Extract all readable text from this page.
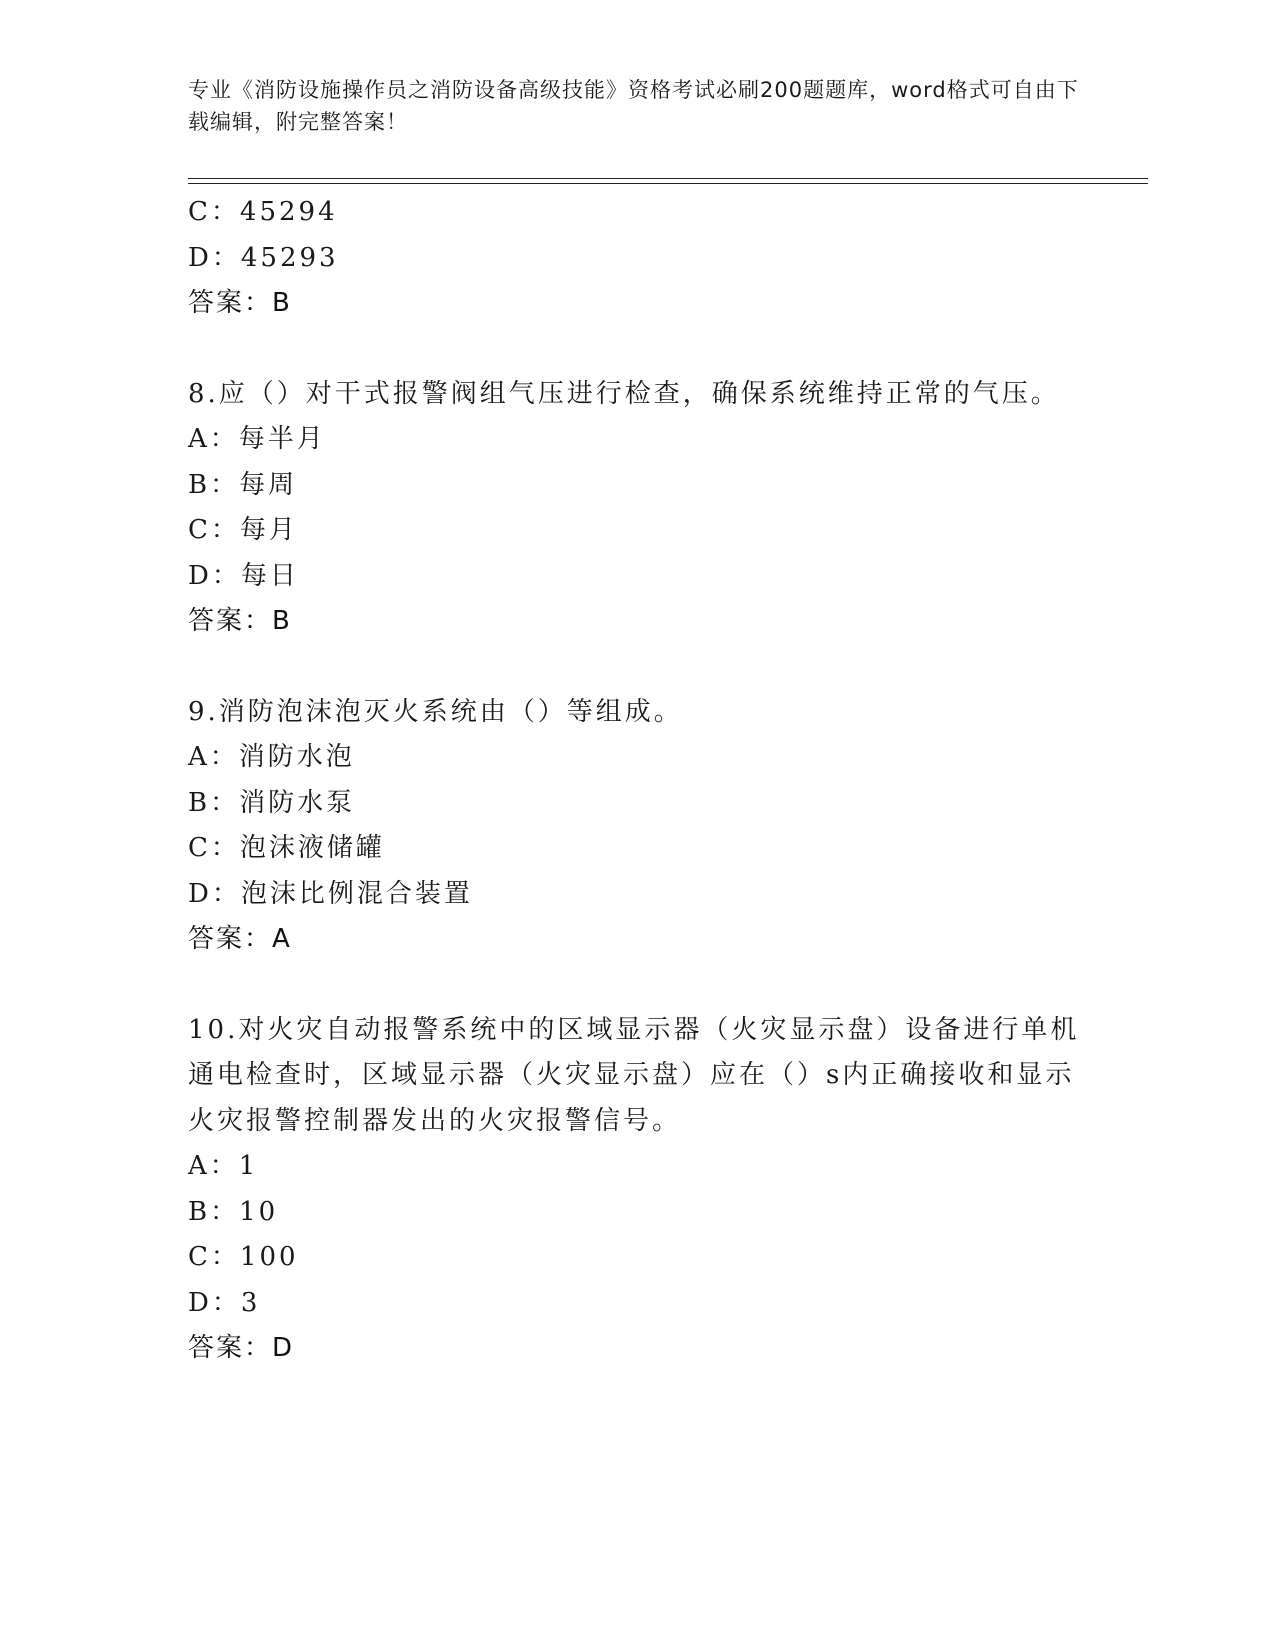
专业《消防设施操作员之消防设备高级技能》资格考试必刷200题题库，word格式可自由下载编辑，附完整答案！
C：45294
D：45293
答案：B
8.应（）对干式报警阀组气压进行检查，确保系统维持正常的气压。
A：每半月
B：每周
C：每月
D：每日
答案：B
9.消防泡沫泡灭火系统由（）等组成。
A：消防水泡
B：消防水泵
C：泡沫液储罐
D：泡沫比例混合装置
答案：A
10.对火灾自动报警系统中的区域显示器（火灾显示盘）设备进行单机
通电检查时，区域显示器（火灾显示盘）应在（）s内正确接收和显示
火灾报警控制器发出的火灾报警信号。
A：1
B：10
C：100
D：3
答案：D
